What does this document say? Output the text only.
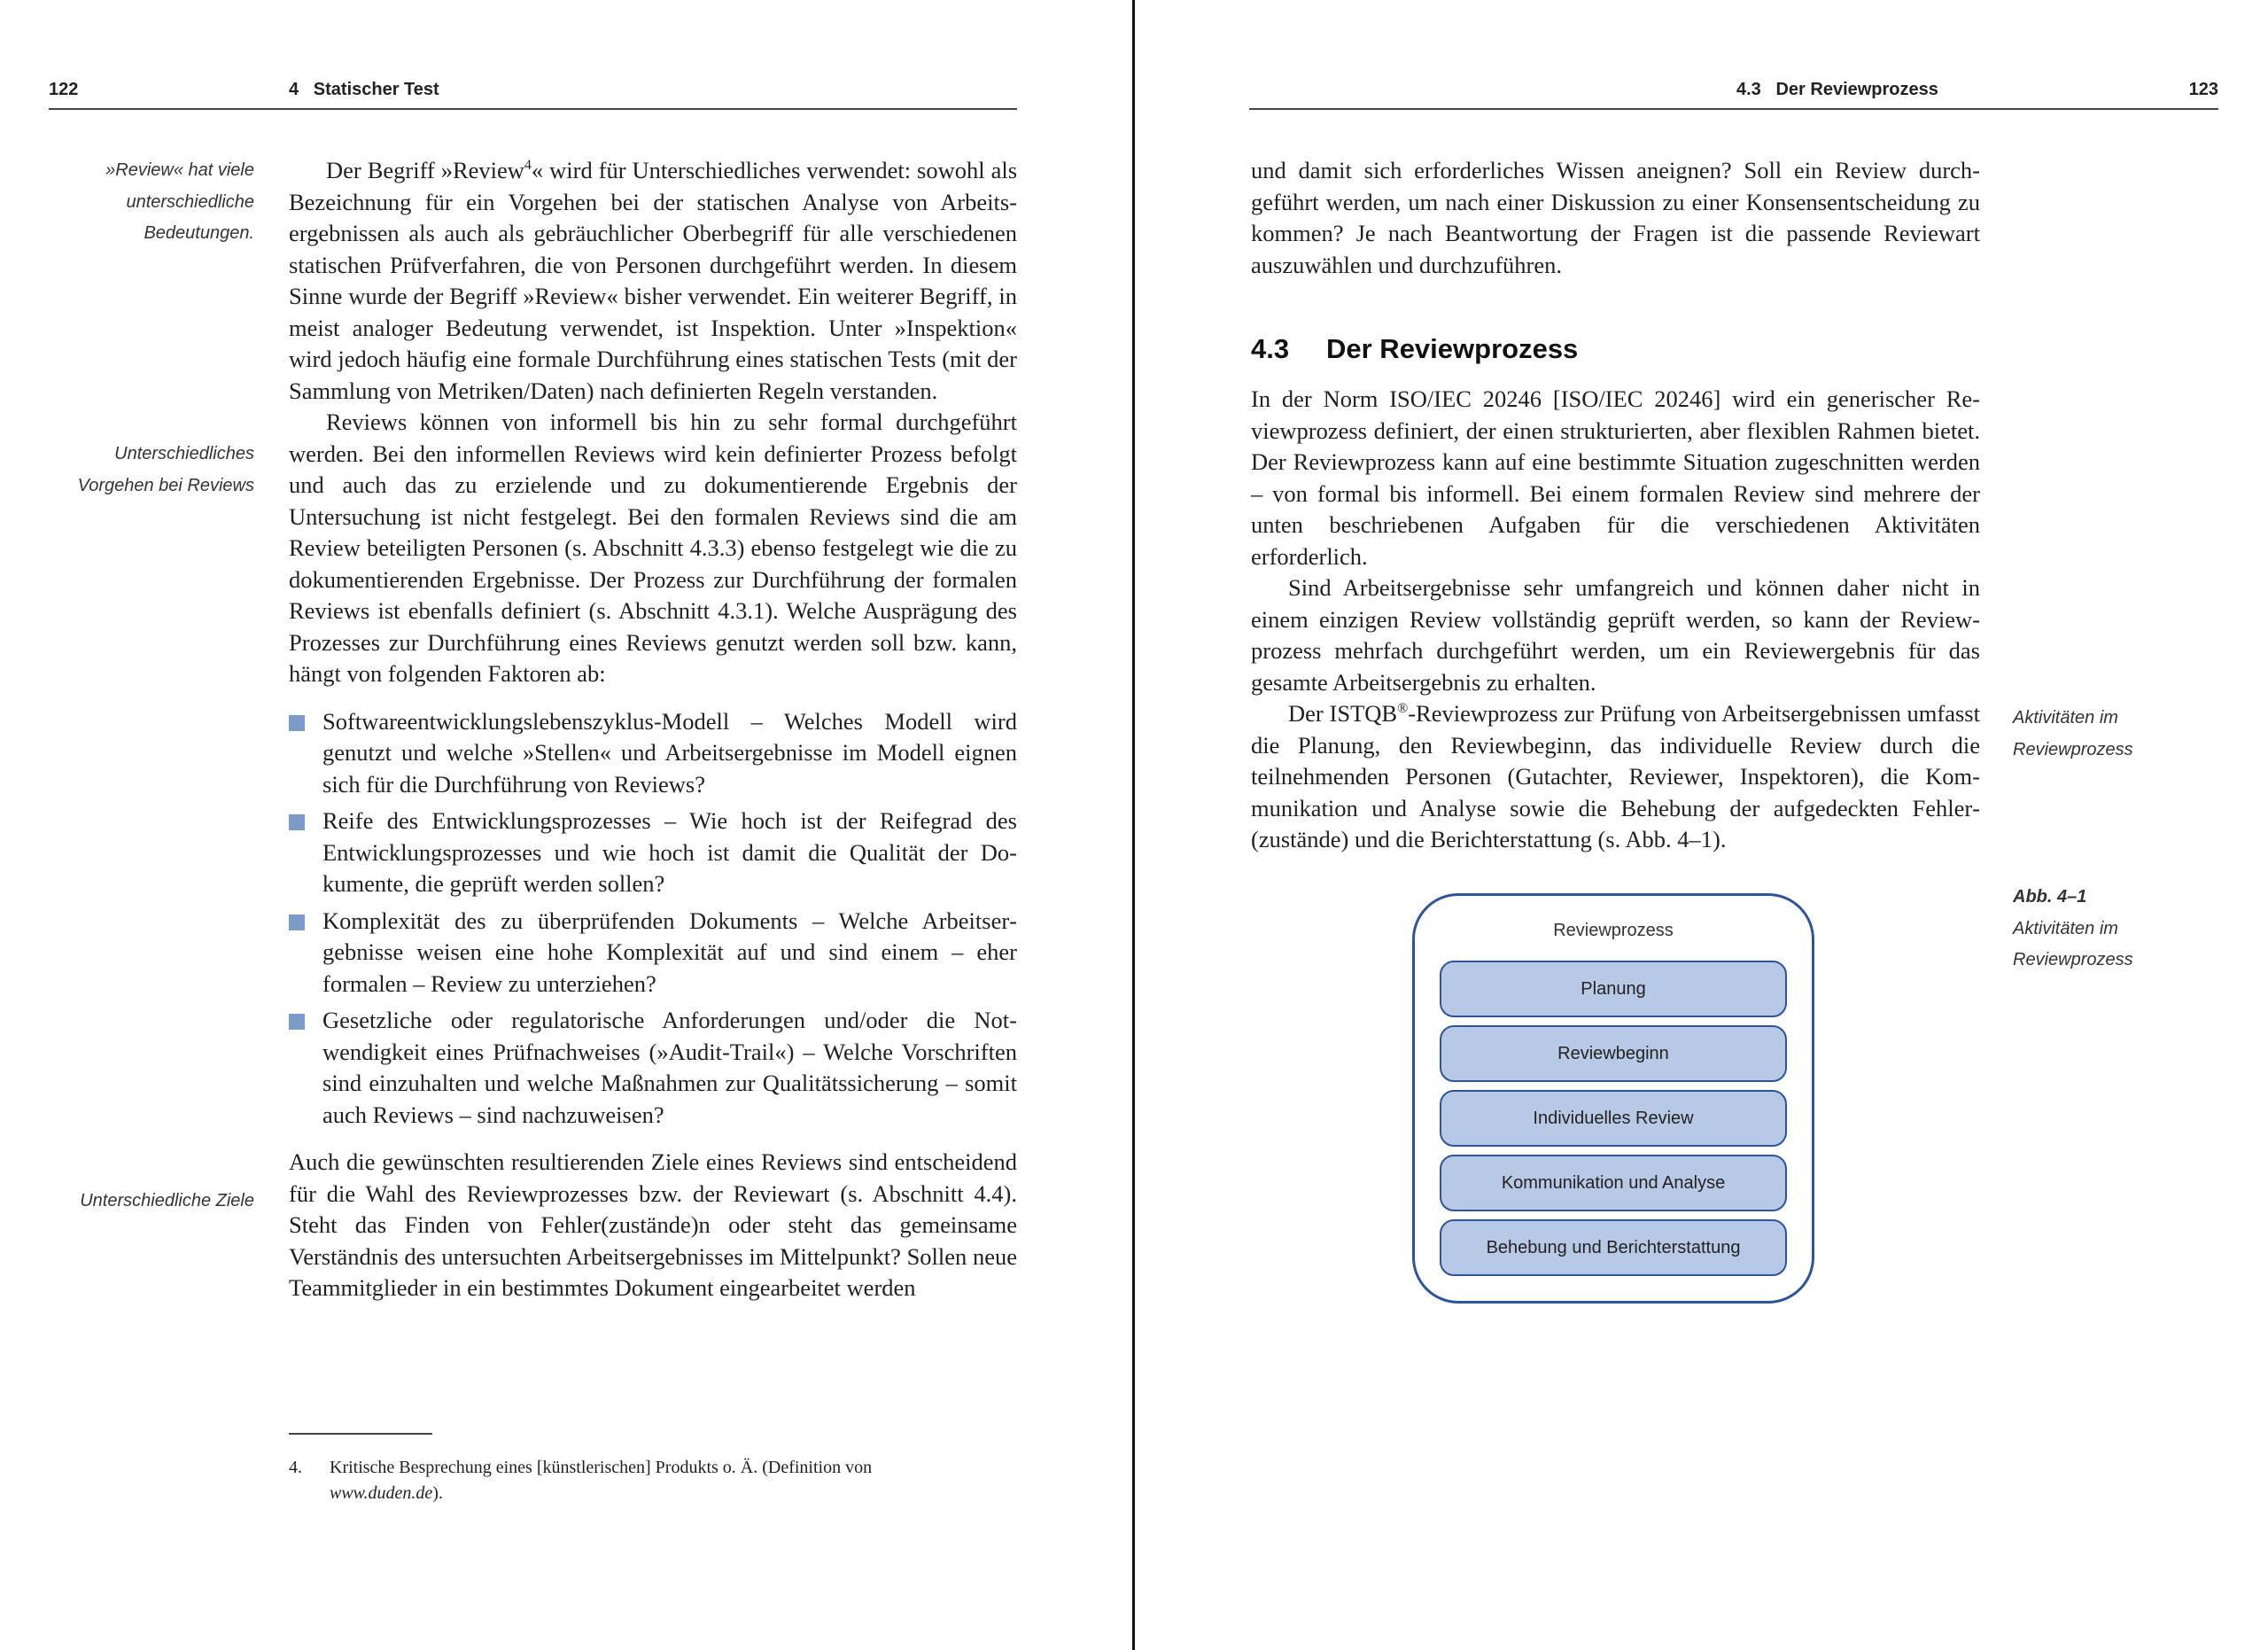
122	4   Statischer Test
»Review« hat viele
unterschiedliche
Bedeutungen.
Unterschiedliches
Vorgehen bei Reviews
Unterschiedliche Ziele

Der Begriff »Review$^4$« wird für Unterschiedliches verwendet: sowohl als Bezeichnung für ein Vorgehen bei der statischen Analyse von Arbeitsergebnissen als auch als gebräuchlicher Oberbegriff für alle verschiedenen statischen Prüfverfahren, die von Personen durchgeführt werden. In diesem Sinne wurde der Begriff »Review« bisher verwendet. Ein weiterer Begriff, in meist analoger Bedeutung verwendet, ist Inspektion. Unter »Inspektion« wird jedoch häufig eine formale Durchführung eines statischen Tests (mit der Sammlung von Metriken/Daten) nach definierten Regeln verstanden.

Reviews können von informell bis hin zu sehr formal durchgeführt werden. Bei den informellen Reviews wird kein definierter Prozess befolgt und auch das zu erzielende und zu dokumentierende Ergebnis der Untersuchung ist nicht festgelegt. Bei den formalen Reviews sind die am Review beteiligten Personen (s. Abschnitt 4.3.3) ebenso festgelegt wie die zu dokumentierenden Ergebnisse. Der Prozess zur Durchführung der formalen Reviews ist ebenfalls definiert (s. Abschnitt 4.3.1). Welche Ausprägung des Prozesses zur Durchführung eines Reviews genutzt werden soll bzw. kann, hängt von folgenden Faktoren ab:

Softwareentwicklungslebenszyklus-Modell – Welches Modell wird genutzt und welche »Stellen« und Arbeitsergebnisse im Modell eignen sich für die Durchführung von Reviews?
Reife des Entwicklungsprozesses – Wie hoch ist der Reifegrad des Entwicklungsprozesses und wie hoch ist damit die Qualität der Dokumente, die geprüft werden sollen?
Komplexität des zu überprüfenden Dokuments – Welche Arbeitsergebnisse weisen eine hohe Komplexität auf und sind einem – eher formalen – Review zu unterziehen?
Gesetzliche oder regulatorische Anforderungen und/oder die Notwendigkeit eines Prüfnachweises (»Audit-Trail«) – Welche Vorschriften sind einzuhalten und welche Maßnahmen zur Qualitätssicherung – somit auch Reviews – sind nachzuweisen?

Auch die gewünschten resultierenden Ziele eines Reviews sind entscheidend für die Wahl des Reviewprozesses bzw. der Reviewart (s. Abschnitt 4.4). Steht das Finden von Fehler(zustände)n oder steht das gemeinsame Verständnis des untersuchten Arbeitsergebnisses im Mittelpunkt? Sollen neue Teammitglieder in ein bestimmtes Dokument eingearbeitet werden

4. Kritische Besprechung eines [künstlerischen] Produkts o. Ä. (Definition von www.duden.de).
4.3   Der Reviewprozess	123

und damit sich erforderliches Wissen aneignen? Soll ein Review durchgeführt werden, um nach einer Diskussion zu einer Konsensentscheidung zu kommen? Je nach Beantwortung der Fragen ist die passende Reviewart auszuwählen und durchzuführen.

4.3 Der Reviewprozess

In der Norm ISO/IEC 20246 [ISO/IEC 20246] wird ein generischer Reviewprozess definiert, der einen strukturierten, aber flexiblen Rahmen bietet. Der Reviewprozess kann auf eine bestimmte Situation zugeschnitten werden – von formal bis informell. Bei einem formalen Review sind mehrere der unten beschriebenen Aufgaben für die verschiedenen Aktivitäten erforderlich.

Sind Arbeitsergebnisse sehr umfangreich und können daher nicht in einem einzigen Review vollständig geprüft werden, so kann der Reviewprozess mehrfach durchgeführt werden, um ein Reviewergebnis für das gesamte Arbeitsergebnis zu erhalten.

Der ISTQB®-Reviewprozess zur Prüfung von Arbeitsergebnissen umfasst die Planung, den Reviewbeginn, das individuelle Review durch die teilnehmenden Personen (Gutachter, Reviewer, Inspektoren), die Kommunikation und Analyse sowie die Behebung der aufgedeckten Fehler(zustände) und die Berichterstattung (s. Abb. 4–1).

Aktivitäten im
Reviewprozess
Abb. 4–1
Aktivitäten im
Reviewprozess
Reviewprozess
Planung
Reviewbeginn
Individuelles Review
Kommunikation und Analyse
Behebung und Berichterstattung
